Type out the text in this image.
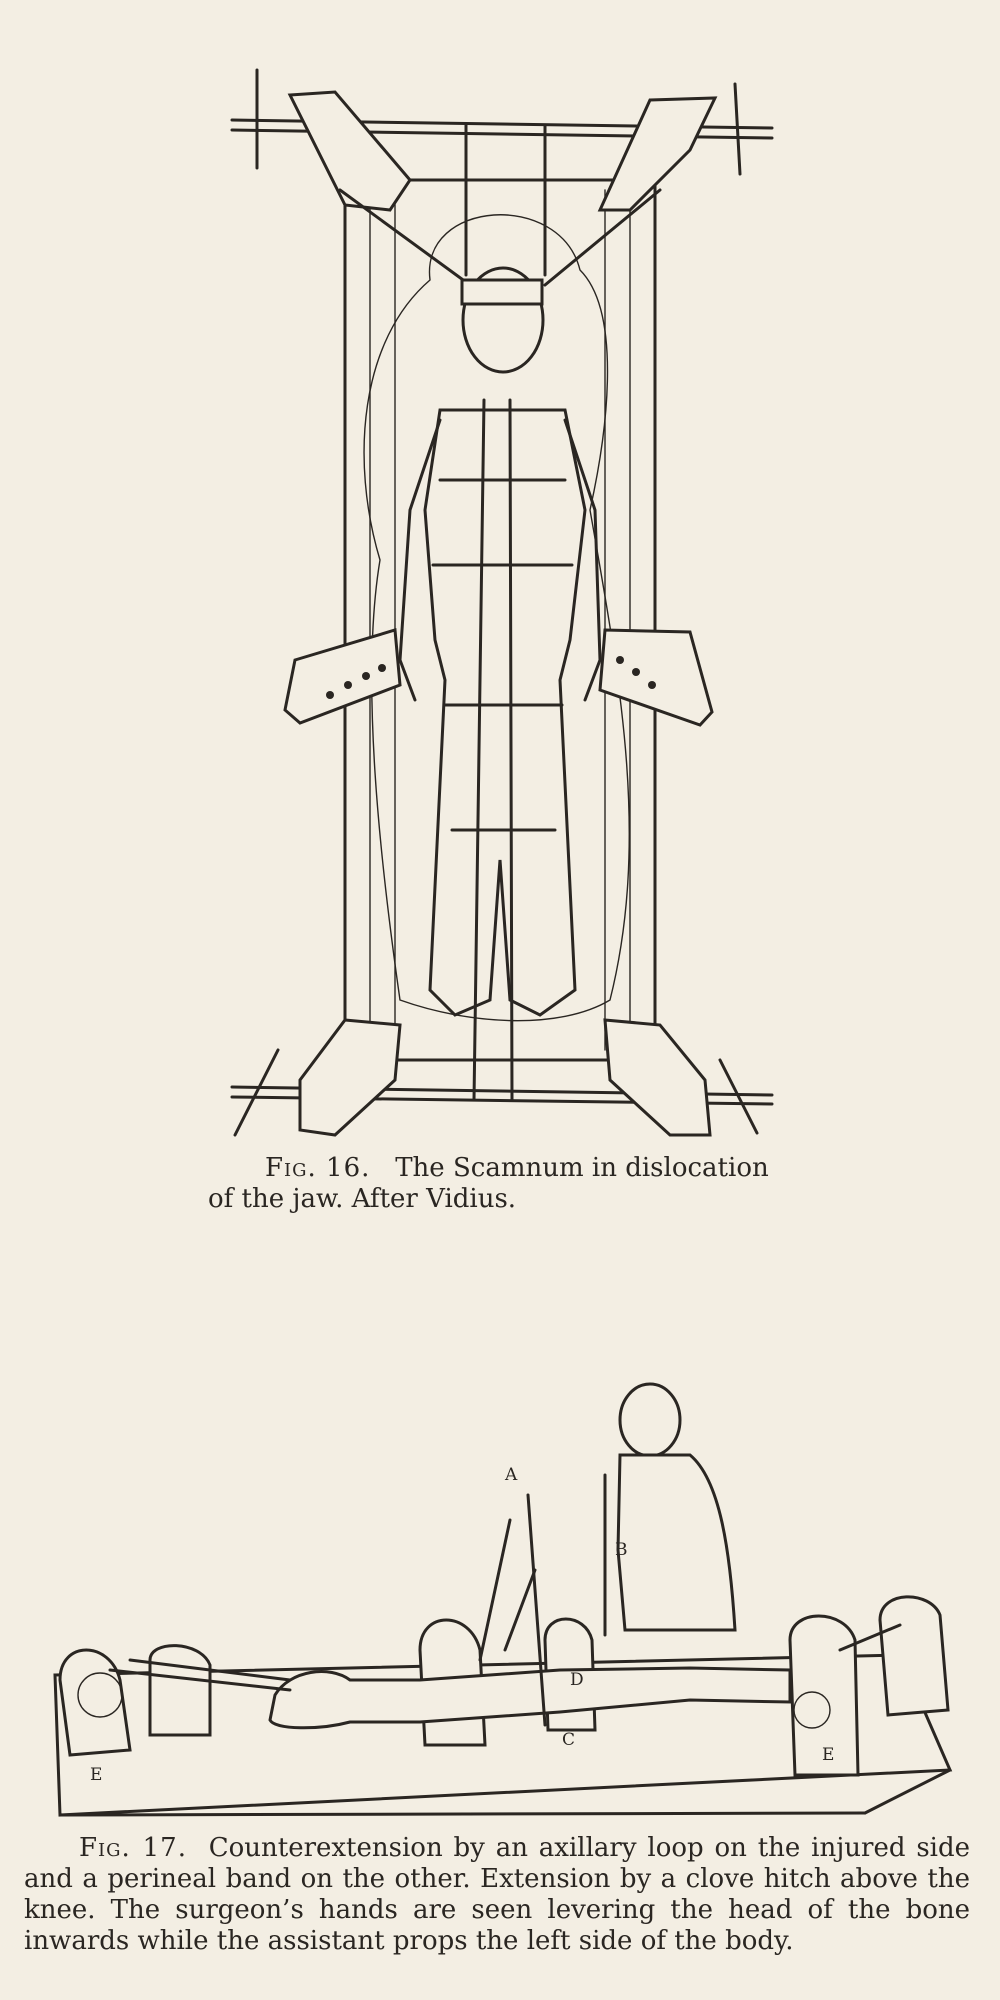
Fig. 16. The Scamnum in dislocation
of the jaw. After Vidius.

A
B
C
D
E
E

Fig. 17. Counterextension by an axillary loop on the injured side and a perineal band on the other. Extension by a clove hitch above the knee. The surgeon’s hands are seen levering the head of the bone inwards while the assistant props the left side of the body.
